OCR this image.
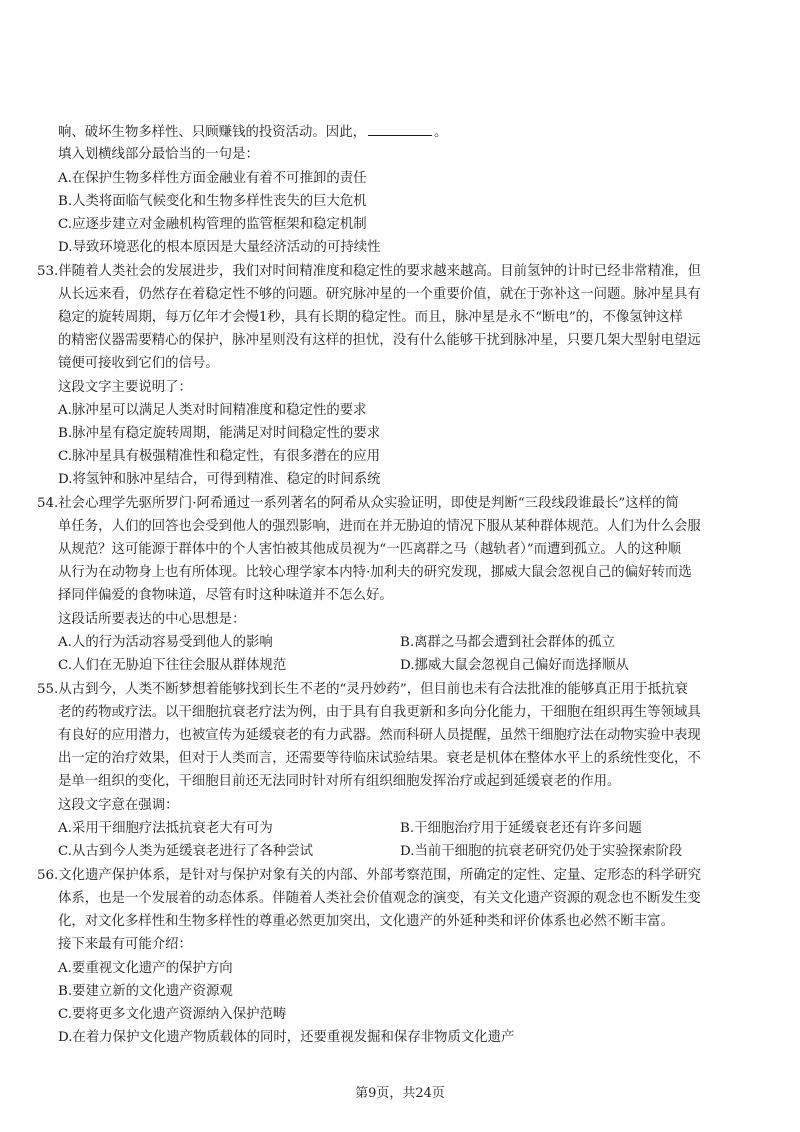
响、破坏生物多样性、只顾赚钱的投资活动。因此，	。
填入划横线部分最恰当的一句是：
A.在保护生物多样性方面金融业有着不可推卸的责任
B.人类将面临气候变化和生物多样性丧失的巨大危机
C.应逐步建立对金融机构管理的监管框架和稳定机制
D.导致环境恶化的根本原因是大量经济活动的可持续性
53.伴随着人类社会的发展进步，我们对时间精准度和稳定性的要求越来越高。目前氢钟的计时已经非常精准，但
从长远来看，仍然存在着稳定性不够的问题。研究脉冲星的一个重要价值，就在于弥补这一问题。脉冲星具有
稳定的旋转周期，每万亿年才会慢1秒，具有长期的稳定性。而且，脉冲星是永不“断电”的，不像氢钟这样
的精密仪器需要精心的保护，脉冲星则没有这样的担忧，没有什么能够干扰到脉冲星，只要几架大型射电望远
镜便可接收到它们的信号。
这段文字主要说明了：
A.脉冲星可以满足人类对时间精准度和稳定性的要求
B.脉冲星有稳定旋转周期，能满足对时间稳定性的要求
C.脉冲星具有极强精准性和稳定性，有很多潜在的应用
D.将氢钟和脉冲星结合，可得到精准、稳定的时间系统
54.社会心理学先驱所罗门·阿希通过一系列著名的阿希从众实验证明，即使是判断“三段线段谁最长”这样的简
单任务，人们的回答也会受到他人的强烈影响，进而在并无胁迫的情况下服从某种群体规范。人们为什么会服
从规范？这可能源于群体中的个人害怕被其他成员视为“一匹离群之马（越轨者）”而遭到孤立。人的这种顺
从行为在动物身上也有所体现。比较心理学家本内特·加利夫的研究发现，挪威大鼠会忽视自己的偏好转而选
择同伴偏爱的食物味道，尽管有时这种味道并不怎么好。
这段话所要表达的中心思想是：
A.人的行为活动容易受到他人的影响	B.离群之马都会遭到社会群体的孤立
C.人们在无胁迫下往往会服从群体规范	D.挪威大鼠会忽视自己偏好而选择顺从
55.从古到今，人类不断梦想着能够找到长生不老的“灵丹妙药”，但目前也未有合法批准的能够真正用于抵抗衰
老的药物或疗法。以干细胞抗衰老疗法为例，由于具有自我更新和多向分化能力，干细胞在组织再生等领域具
有良好的应用潜力，也被宣传为延缓衰老的有力武器。然而科研人员提醒，虽然干细胞疗法在动物实验中表现
出一定的治疗效果，但对于人类而言，还需要等待临床试验结果。衰老是机体在整体水平上的系统性变化，不
是单一组织的变化，干细胞目前还无法同时针对所有组织细胞发挥治疗或起到延缓衰老的作用。
这段文字意在强调：
A.采用干细胞疗法抵抗衰老大有可为	B.干细胞治疗用于延缓衰老还有许多问题
C.从古到今人类为延缓衰老进行了各种尝试	D.当前干细胞的抗衰老研究仍处于实验探索阶段
56.文化遗产保护体系，是针对与保护对象有关的内部、外部考察范围，所确定的定性、定量、定形态的科学研究
体系，也是一个发展着的动态体系。伴随着人类社会价值观念的演变，有关文化遗产资源的观念也不断发生变
化，对文化多样性和生物多样性的尊重必然更加突出，文化遗产的外延种类和评价体系也必然不断丰富。
接下来最有可能介绍：
A.要重视文化遗产的保护方向
B.要建立新的文化遗产资源观
C.要将更多文化遗产资源纳入保护范畴
D.在着力保护文化遗产物质载体的同时，还要重视发掘和保存非物质文化遗产
第9页，共24页
